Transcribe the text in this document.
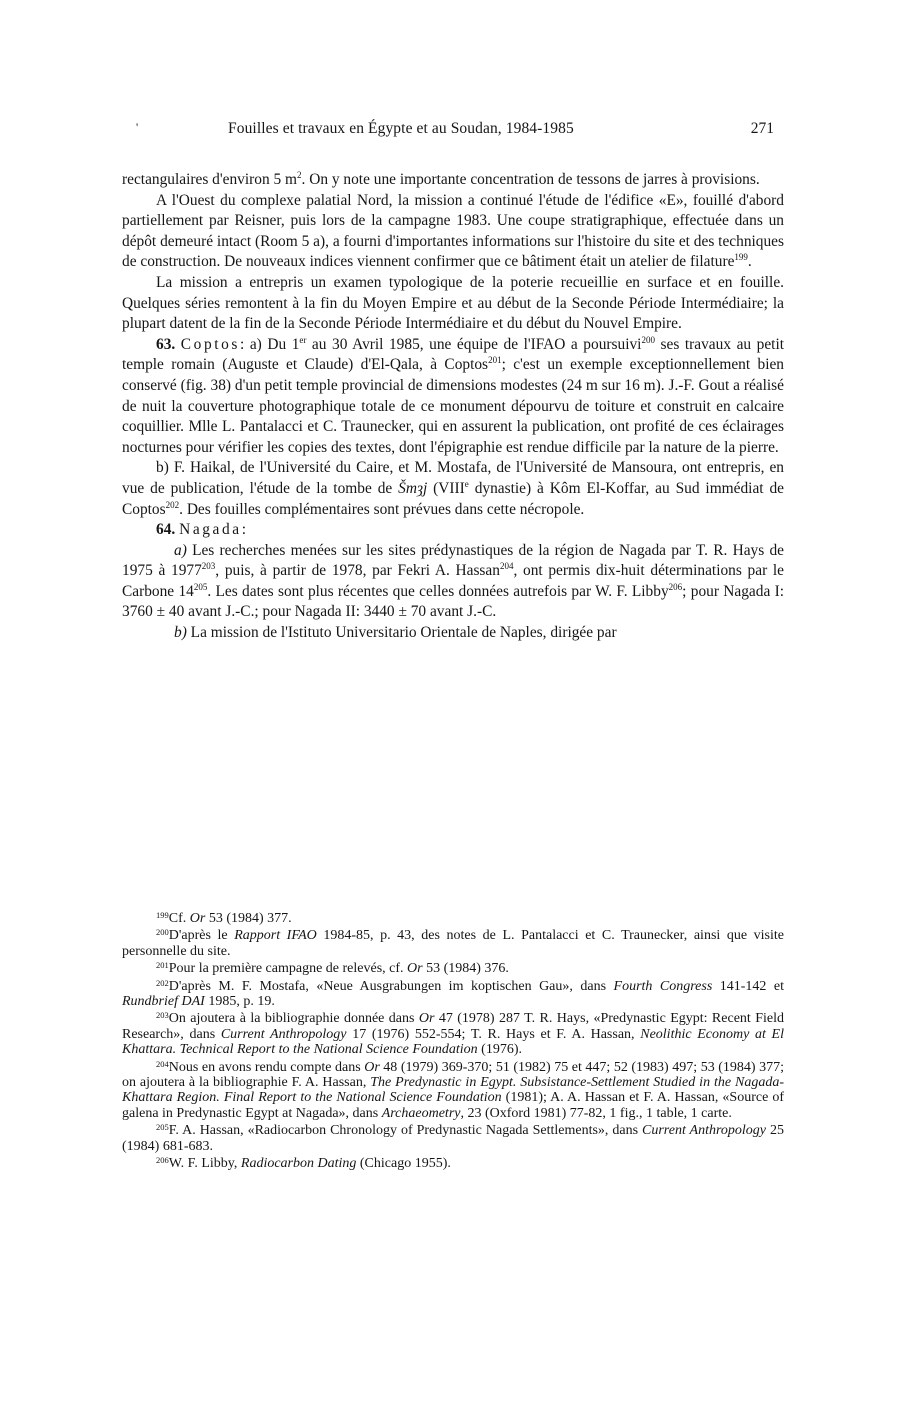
'	Fouilles et travaux en Égypte et au Soudan, 1984-1985	271

rectangulaires d'environ 5 $m^2$. On y note une importante concentration de tessons de jarres à provisions.

A l'Ouest du complexe palatial Nord, la mission a continué l'étude de l'édifice «E», fouillé d'abord partiellement par Reisner, puis lors de la campagne 1983. Une coupe stratigraphique, effectuée dans un dépôt demeuré intact (Room 5 a), a fourni d'importantes informations sur l'histoire du site et des techniques de construction. De nouveaux indices viennent confirmer que ce bâtiment était un atelier de filature$^{199}$.

La mission a entrepris un examen typologique de la poterie recueillie en surface et en fouille. Quelques séries remontent à la fin du Moyen Empire et au début de la Seconde Période Intermédiaire; la plupart datent de la fin de la Seconde Période Intermédiaire et du début du Nouvel Empire.

63. Coptos: a) Du 1er au 30 Avril 1985, une équipe de l'IFAO a poursuivi$^{200}$ ses travaux au petit temple romain (Auguste et Claude) d'El-Qala, à Coptos$^{201}$; c'est un exemple exceptionnellement bien conservé (fig. 38) d'un petit temple provincial de dimensions modestes (24 m sur 16 m). J.-F. Gout a réalisé de nuit la couverture photographique totale de ce monument dépourvu de toiture et construit en calcaire coquillier. Mlle L. Pantalacci et C. Traunecker, qui en assurent la publication, ont profité de ces éclairages nocturnes pour vérifier les copies des textes, dont l'épigraphie est rendue difficile par la nature de la pierre.

b) F. Haikal, de l'Université du Caire, et M. Mostafa, de l'Université de Mansoura, ont entrepris, en vue de publication, l'étude de la tombe de Šmȝj (VIIIe dynastie) à Kôm El-Koffar, au Sud immédiat de Coptos$^{202}$. Des fouilles complémentaires sont prévues dans cette nécropole.

64. Nagada:

a) Les recherches menées sur les sites prédynastiques de la région de Nagada par T. R. Hays de 1975 à 1977$^{203}$, puis, à partir de 1978, par Fekri A. Hassan$^{204}$, ont permis dix-huit déterminations par le Carbone $14^{205}$. Les dates sont plus récentes que celles données autrefois par W. F. Libby$^{206}$; pour Nagada I: 3760 ± 40 avant J.-C.; pour Nagada II: 3440 ± 70 avant J.-C.

b) La mission de l'Istituto Universitario Orientale de Naples, dirigée par

$^{199}$Cf. Or 53 (1984) 377.

$^{200}$D'après le Rapport IFAO 1984-85, p. 43, des notes de L. Pantalacci et C. Traunecker, ainsi que visite personnelle du site.

$^{201}$Pour la première campagne de relevés, cf. Or 53 (1984) 376.

$^{202}$D'après M. F. Mostafa, «Neue Ausgrabungen im koptischen Gau», dans Fourth Congress 141-142 et Rundbrief DAI 1985, p. 19.

$^{203}$On ajoutera à la bibliographie donnée dans Or 47 (1978) 287 T. R. Hays, «Predynastic Egypt: Recent Field Research», dans Current Anthropology 17 (1976) 552-554; T. R. Hays et F. A. Hassan, Neolithic Economy at El Khattara. Technical Report to the National Science Foundation (1976).

$^{204}$Nous en avons rendu compte dans Or 48 (1979) 369-370; 51 (1982) 75 et 447; 52 (1983) 497; 53 (1984) 377; on ajoutera à la bibliographie F. A. Hassan, The Predynastic in Egypt. Subsistance-Settlement Studied in the Nagada-Khattara Region. Final Report to the National Science Foundation (1981); A. A. Hassan et F. A. Hassan, «Source of galena in Predynastic Egypt at Nagada», dans Archaeometry, 23 (Oxford 1981) 77-82, 1 fig., 1 table, 1 carte.

$^{205}$F. A. Hassan, «Radiocarbon Chronology of Predynastic Nagada Settlements», dans Current Anthropology 25 (1984) 681-683.

$^{206}$W. F. Libby, Radiocarbon Dating (Chicago 1955).
